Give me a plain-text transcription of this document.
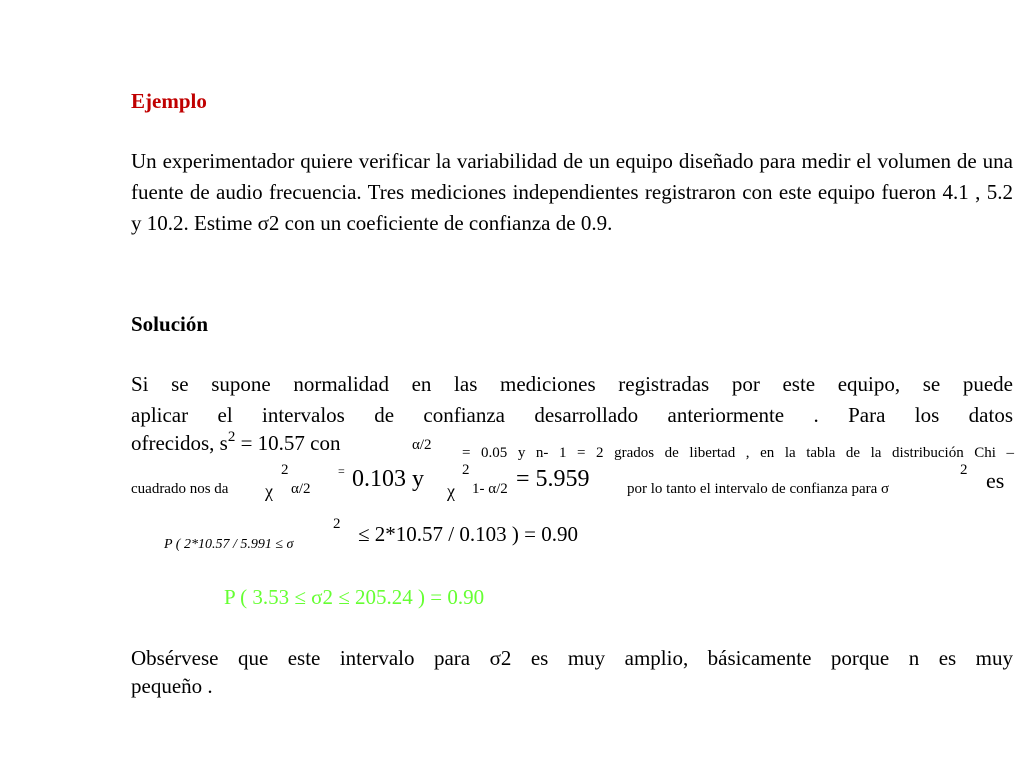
Ejemplo
Un experimentador quiere verificar la variabilidad de un equipo diseñado para medir el volumen de una fuente de audio frecuencia. Tres mediciones independientes registraron con este equipo fueron 4.1 , 5.2 y 10.2. Estime σ2 con un coeficiente de confianza de 0.9.
Solución
Si se supone normalidad en las mediciones registradas por este equipo, se puede
aplicar el intervalos de confianza desarrollado anteriormente . Para los datos
ofrecidos, $s^2 = 10.57$ con	α/2 = 0.05 y n- 1 = 2 grados de libertad , en la tabla de la distribución Chi –
cuadrado nos da χ
2
α/2
= 0.103 y χ
2
1- α/2 = 5.959 por lo tanto el intervalo de confianza para σ
2 es
P ( 2*10.57 / 5.991 ≤ σ
2 ≤ 2*10.57 / 0.103 ) = 0.90
P ( 3.53 ≤ σ2 ≤ 205.24 ) = 0.90
Obsérvese que este intervalo para σ2 es muy amplio, básicamente porque n es muy
pequeño .
